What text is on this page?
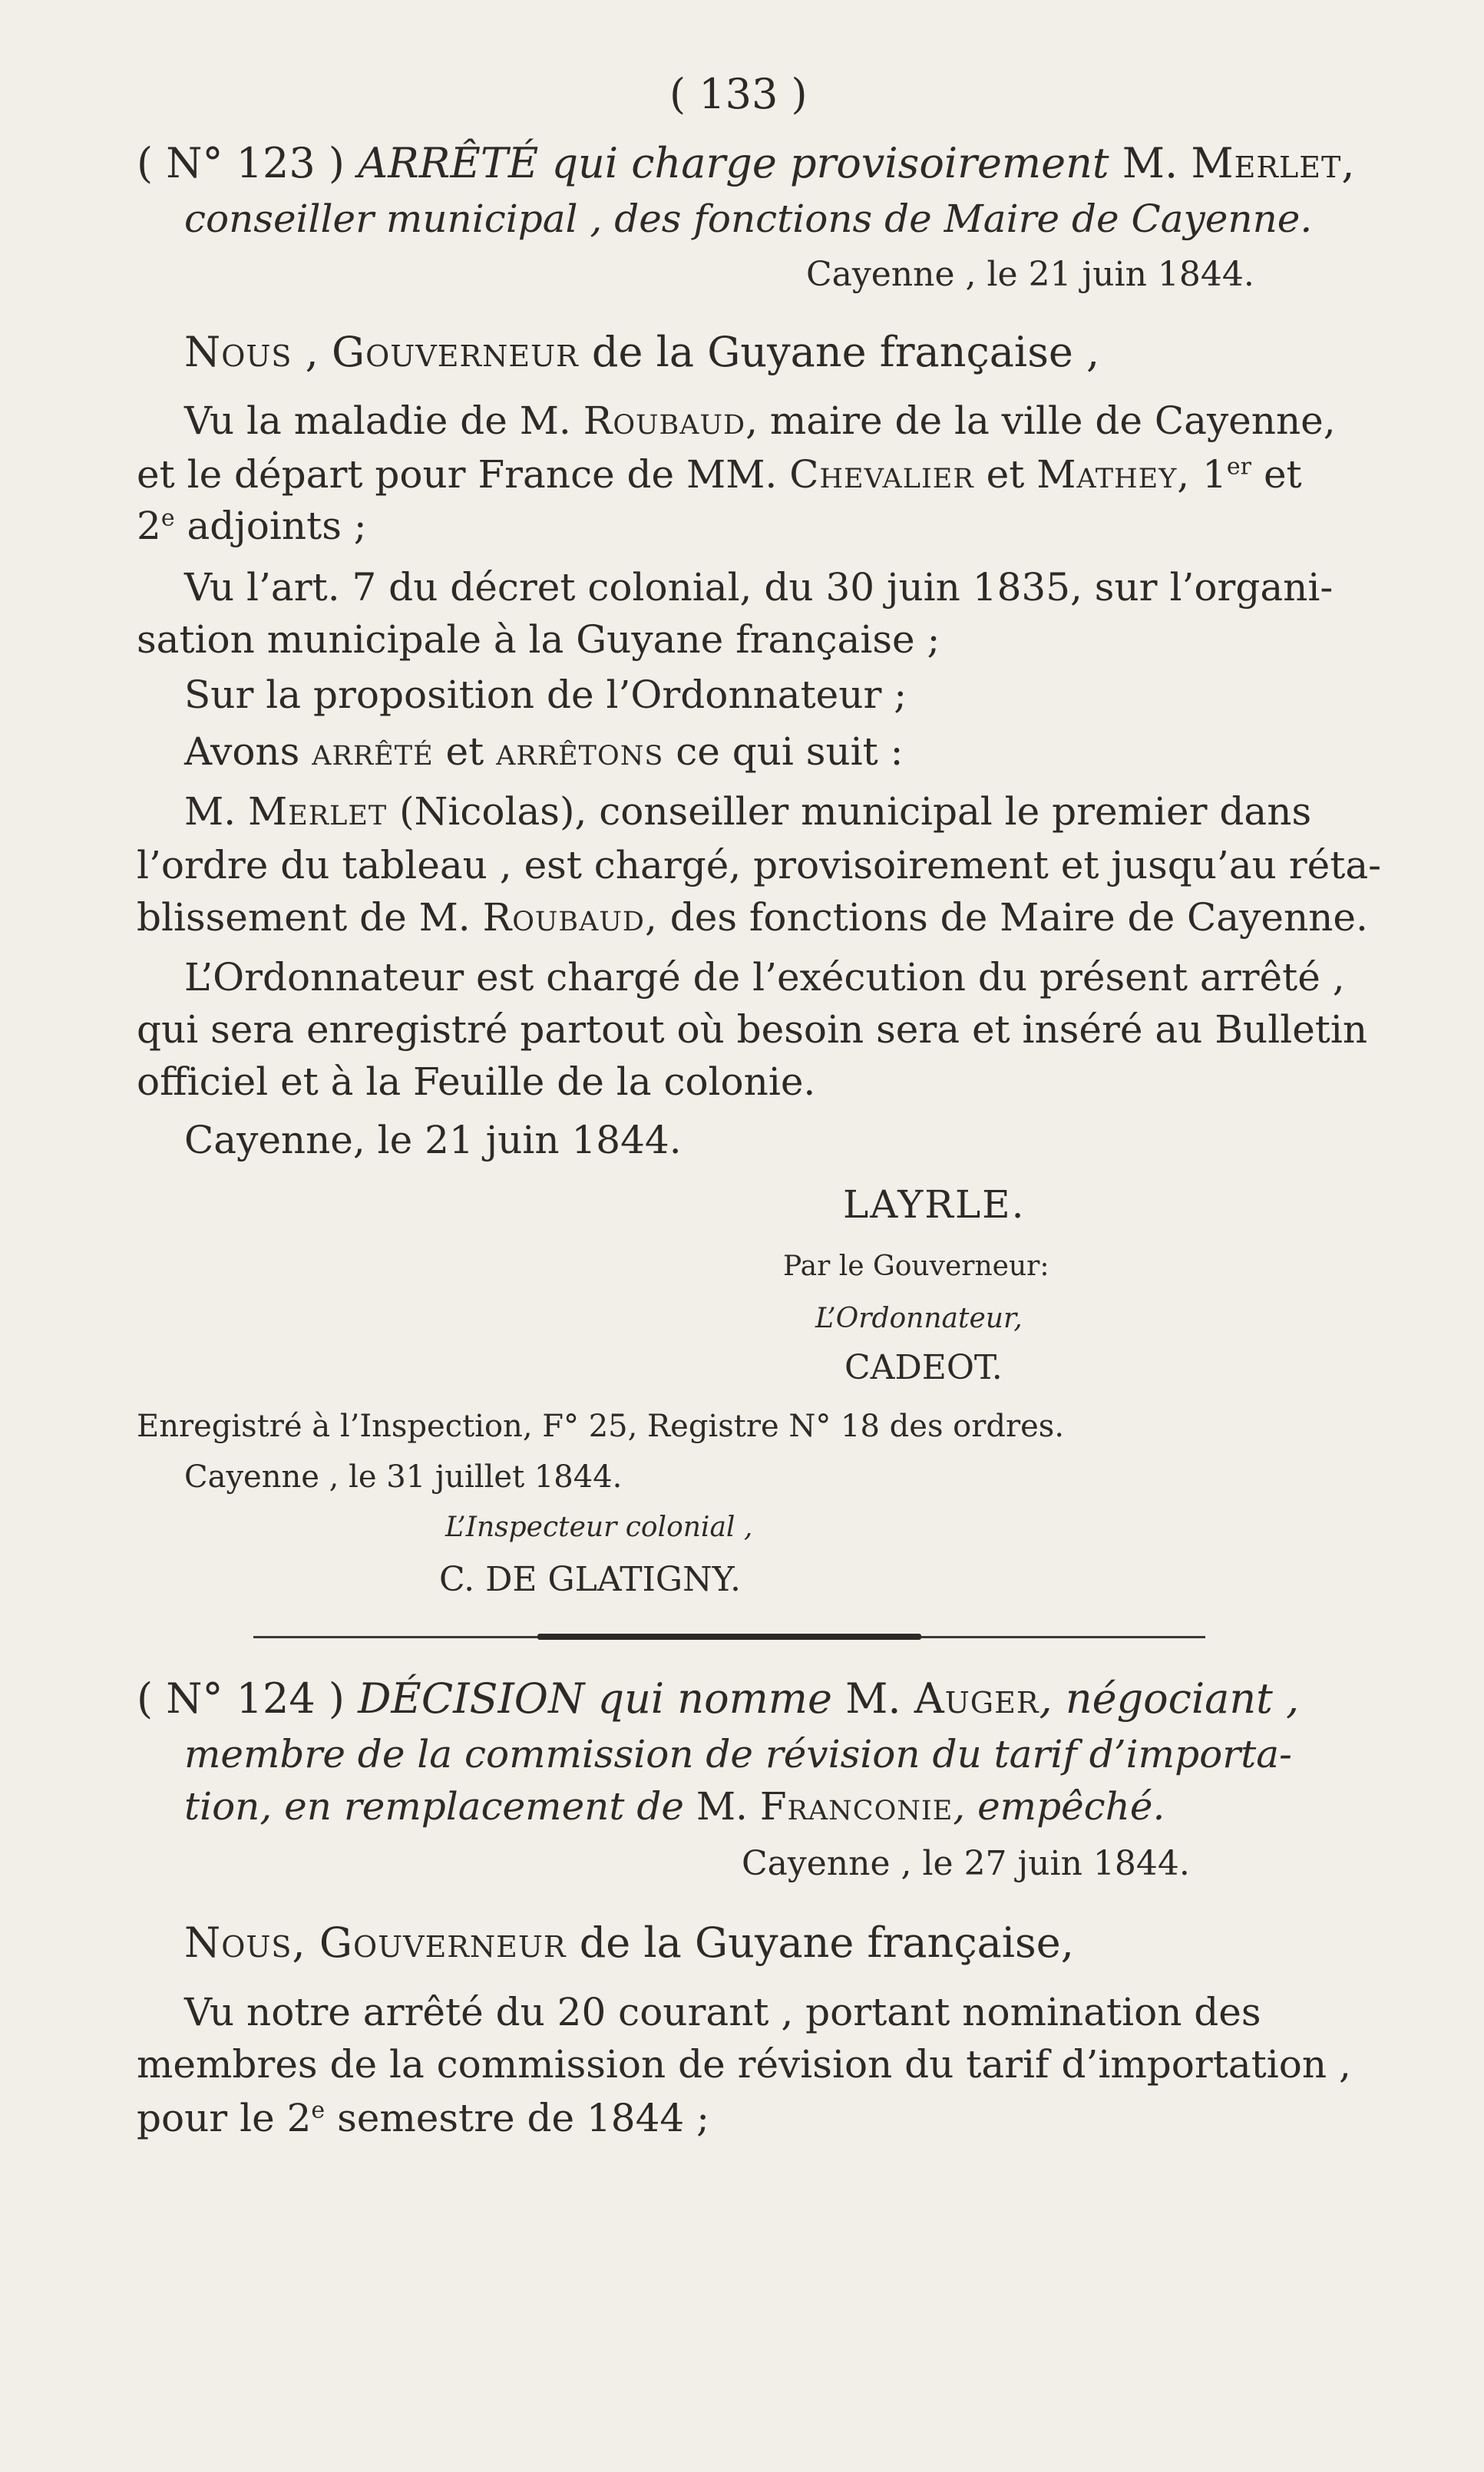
( 133 )
( N° 123 ) ARRÊTÉ qui charge provisoirement M. Merlet,
conseiller municipal , des fonctions de Maire de Cayenne.
Cayenne , le 21 juin 1844.
Nous , Gouverneur de la Guyane française ,
Vu la maladie de M. Roubaud, maire de la ville de Cayenne,
et le départ pour France de MM. Chevalier et Mathey, 1er et
2e adjoints ;
Vu l’art. 7 du décret colonial, du 30 juin 1835, sur l’organi-
sation municipale à la Guyane française ;
Sur la proposition de l’Ordonnateur ;
Avons arrêté et arrêtons ce qui suit :
M. Merlet (Nicolas), conseiller municipal le premier dans
l’ordre du tableau , est chargé, provisoirement et jusqu’au réta-
blissement de M. Roubaud, des fonctions de Maire de Cayenne.
L’Ordonnateur est chargé de l’exécution du présent arrêté ,
qui sera enregistré partout où besoin sera et inséré au Bulletin
officiel et à la Feuille de la colonie.
Cayenne, le 21 juin 1844.
LAYRLE.
Par le Gouverneur:
L’Ordonnateur,
CADEOT.
Enregistré à l’Inspection, F° 25, Registre N° 18 des ordres.
Cayenne , le 31 juillet 1844.
L’Inspecteur colonial ,
C. DE GLATIGNY.
( N° 124 ) DÉCISION qui nomme M. Auger, négociant ,
membre de la commission de révision du tarif d’importa-
tion, en remplacement de M. Franconie, empêché.
Cayenne , le 27 juin 1844.
Nous, Gouverneur de la Guyane française,
Vu notre arrêté du 20 courant , portant nomination des
membres de la commission de révision du tarif d’importation ,
pour le 2e semestre de 1844 ;
